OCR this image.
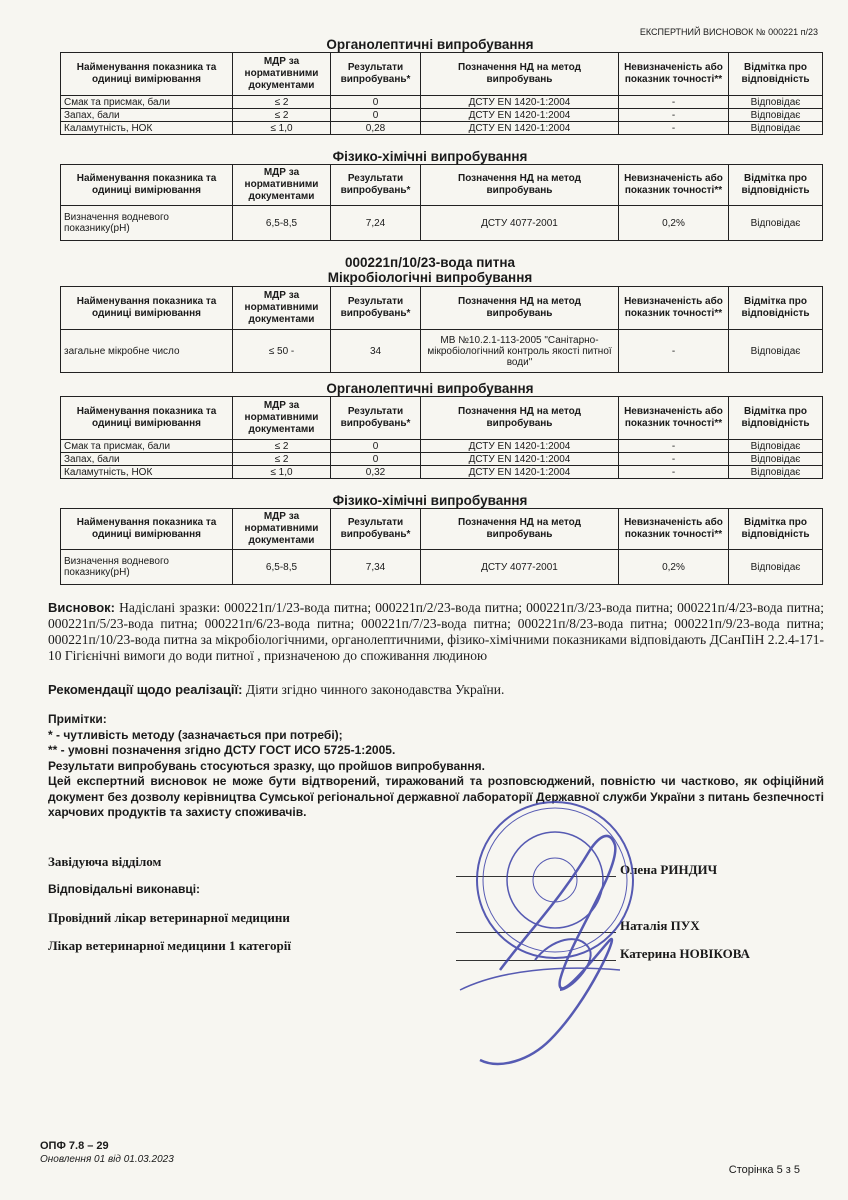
ЕКСПЕРТНИЙ ВИСНОВОК № 000221 п/23
Органолептичні випробування
Найменування показника та одиниці вимірювання	МДР за нормативними документами	Результати випробувань*	Позначення НД на метод випробувань	Невизначеність або показник точності**	Відмітка про відповідність
Смак та присмак, бали	≤ 2	0	ДСТУ EN 1420-1:2004	-	Відповідає
Запах, бали	≤ 2	0	ДСТУ EN 1420-1:2004	-	Відповідає
Каламутність, НОК	≤ 1,0	0,28	ДСТУ EN 1420-1:2004	-	Відповідає
Фізико-хімічні випробування
Найменування показника та одиниці вимірювання	МДР за нормативними документами	Результати випробувань*	Позначення НД на метод випробувань	Невизначеність або показник точності**	Відмітка про відповідність
Визначення водневого показнику(pH)	6,5-8,5	7,24	ДСТУ 4077-2001	0,2%	Відповідає
000221п/10/23-вода питна
Мікробіологічні випробування
Найменування показника та одиниці вимірювання	МДР за нормативними документами	Результати випробувань*	Позначення НД на метод випробувань	Невизначеність або показник точності**	Відмітка про відповідність
загальне мікробне число	≤ 50 -	34	МВ №10.2.1-113-2005 "Санітарно-мікробіологічний контроль якості питної води"	-	Відповідає
Органолептичні випробування
Найменування показника та одиниці вимірювання	МДР за нормативними документами	Результати випробувань*	Позначення НД на метод випробувань	Невизначеність або показник точності**	Відмітка про відповідність
Смак та присмак, бали	≤ 2	0	ДСТУ EN 1420-1:2004	-	Відповідає
Запах, бали	≤ 2	0	ДСТУ EN 1420-1:2004	-	Відповідає
Каламутність, НОК	≤ 1,0	0,32	ДСТУ EN 1420-1:2004	-	Відповідає
Фізико-хімічні випробування
Найменування показника та одиниці вимірювання	МДР за нормативними документами	Результати випробувань*	Позначення НД на метод випробувань	Невизначеність або показник точності**	Відмітка про відповідність
Визначення водневого показнику(pH)	6,5-8,5	7,34	ДСТУ 4077-2001	0,2%	Відповідає
Висновок: Надіслані зразки: 000221п/1/23-вода питна; 000221п/2/23-вода питна; 000221п/3/23-вода питна; 000221п/4/23-вода питна; 000221п/5/23-вода питна; 000221п/6/23-вода питна; 000221п/7/23-вода питна; 000221п/8/23-вода питна; 000221п/9/23-вода питна; 000221п/10/23-вода питна за мікробіологічними, органолептичними, фізико-хімічними показниками відповідають ДСанПіН 2.2.4-171-10 Гігієнічні вимоги до води питної , призначеною до споживання людиною
Рекомендації щодо реалізації: Діяти згідно чинного законодавства України.
Примітки:
* - чутливість методу (зазначається при потребі);
** - умовні позначення згідно ДСТУ ГОСТ ИСО 5725-1:2005.
Результати випробувань стосуються зразку, що пройшов випробування.
Цей експертний висновок не може бути відтворений, тиражований та розповсюджений, повністю чи частково, як офіційний документ без дозволу керівництва Сумської регіональної державної лабораторії Державної служби України з питань безпечності харчових продуктів та захисту споживачів.
Завідуюча відділом
Олена РИНДИЧ
Відповідальні виконавці:
Провідний лікар ветеринарної медицини
Наталія ПУХ
Лікар ветеринарної медицини 1 категорії
Катерина НОВІКОВА
ОПФ 7.8 – 29
Оновлення 01 від 01.03.2023
Сторінка 5 з 5
